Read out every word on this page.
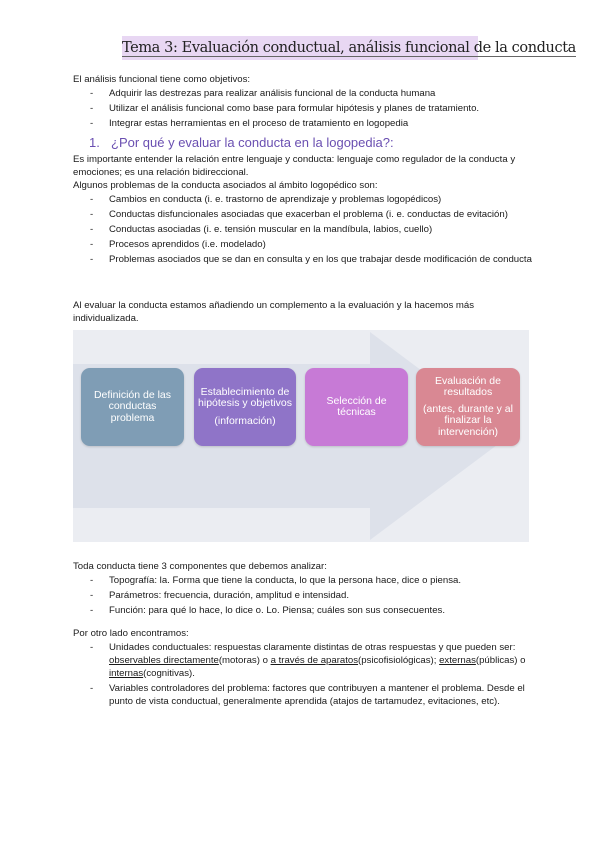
Tema 3: Evaluación conductual, análisis funcional de la conducta

El análisis funcional tiene como objetivos:

- Adquirir las destrezas para realizar análisis funcional de la conducta humana
- Utilizar el análisis funcional como base para formular hipótesis y planes de tratamiento.
- Integrar estas herramientas en el proceso de tratamiento en logopedia
1. ¿Por qué y evaluar la conducta en la logopedia?:

Es importante entender la relación entre lenguaje y conducta: lenguaje como regulador de la conducta y emociones; es una relación bidireccional.

Algunos problemas de la conducta asociados al ámbito logopédico son:

- Cambios en conducta (i. e. trastorno de aprendizaje y problemas logopédicos)
- Conductas disfuncionales asociadas que exacerban el problema (i. e. conductas de evitación)
- Conductas asociadas (i. e. tensión muscular en la mandíbula, labios, cuello)
- Procesos aprendidos (i.e. modelado)
- Problemas asociados que se dan en consulta y en los que trabajar desde modificación de conducta

Al evaluar la conducta estamos añadiendo un complemento a la evaluación y la hacemos más individualizada.

Definición de las conductas problema
Establecimiento de hipótesis y objetivos
(información)
Selección de técnicas
Evaluación de resultados
(antes, durante y al finalizar la intervención)

Toda conducta tiene 3 componentes que debemos analizar:

- Topografía: la. Forma que tiene la conducta, lo que la persona hace, dice o piensa.
- Parámetros: frecuencia, duración, amplitud e intensidad.
- Función: para qué lo hace, lo dice o. Lo. Piensa; cuáles son sus consecuentes.

Por otro lado encontramos:

- Unidades conductuales: respuestas claramente distintas de otras respuestas y que pueden ser: observables directamente(motoras) o a través de aparatos(psicofisiológicas); externas(públicas) o internas(cognitivas).
- Variables controladores del problema: factores que contribuyen a mantener el problema. Desde el punto de vista conductual, generalmente aprendida (atajos de tartamudez, evitaciones, etc).
